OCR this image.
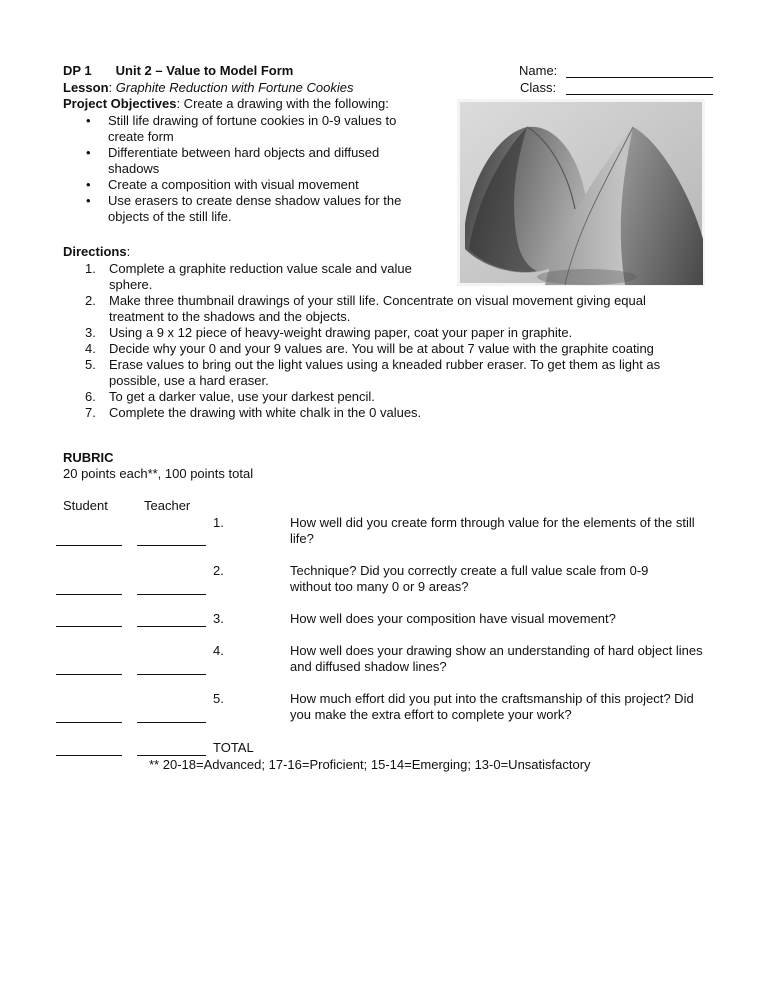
DP 1 Unit 2 – Value to Model Form
Lesson: Graphite Reduction with Fortune Cookies
Name:
Class:
Project Objectives: Create a drawing with the following:
• Still life drawing of fortune cookies in 0-9 values to create form
• Differentiate between hard objects and diffused shadows
• Create a composition with visual movement
• Use erasers to create dense shadow values for the objects of the still life.
Directions:
1. Complete a graphite reduction value scale and value sphere.
2. Make three thumbnail drawings of your still life. Concentrate on visual movement giving equal treatment to the shadows and the objects.
3. Using a 9 x 12 piece of heavy-weight drawing paper, coat your paper in graphite.
4. Decide why your 0 and your 9 values are. You will be at about 7 value with the graphite coating
5. Erase values to bring out the light values using a kneaded rubber eraser. To get them as light as possible, use a hard eraser.
6. To get a darker value, use your darkest pencil.
7. Complete the drawing with white chalk in the 0 values.
RUBRIC
20 points each**, 100 points total
Student	Teacher
1.	How well did you create form through value for the elements of the still life?
2.	Technique? Did you correctly create a full value scale from 0-9 without too many 0 or 9 areas?
3.	How well does your composition have visual movement?
4.	How well does your drawing show an understanding of hard object lines and diffused shadow lines?
5.	How much effort did you put into the craftsmanship of this project? Did you make the extra effort to complete your work?
TOTAL
** 20-18=Advanced; 17-16=Proficient; 15-14=Emerging; 13-0=Unsatisfactory
